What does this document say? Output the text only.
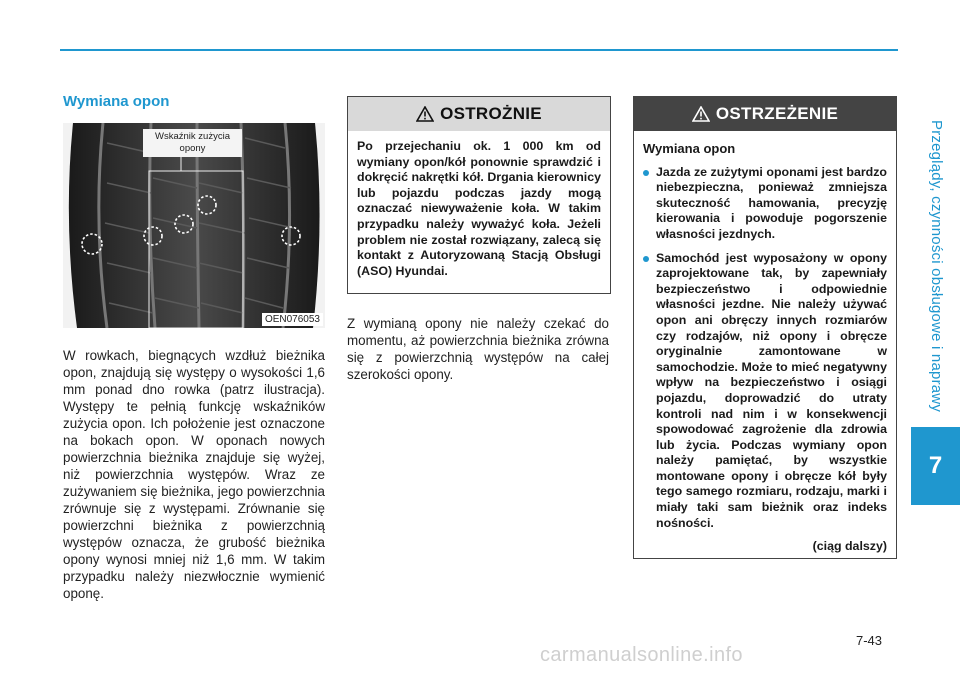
Przeglądy, czynności obsługowe i naprawy
7
Wymiana opon
Wskaźnik zużycia opony
OEN076053
W rowkach, biegnących wzdłuż bieżnika opon, znajdują się występy o wysokości 1,6 mm ponad dno rowka (patrz ilustracja). Występy te pełnią funkcję wskaźników zużycia opon. Ich położenie jest oznaczone na bokach opon. W oponach nowych powierzchnia bieżnika znajduje się wyżej, niż powierzchnia występów. Wraz ze zużywaniem się bieżnika, jego powierzchnia zrównuje się z występami. Zrównanie się powierzchni bieżnika z powierzchnią występów oznacza, że grubość bieżnika opony wynosi mniej niż 1,6 mm. W takim przypadku należy niezwłocznie wymienić oponę.
OSTROŻNIE
Po przejechaniu ok. 1 000 km od wymiany opon/kół ponownie sprawdzić i dokręcić nakrętki kół. Drgania kierownicy lub pojazdu podczas jazdy mogą oznaczać niewyważenie koła. W takim przypadku należy wyważyć koła. Jeżeli problem nie został rozwiązany, zalecą się kontakt z Autoryzowaną Stacją Obsługi (ASO) Hyundai.
Z wymianą opony nie należy czekać do momentu, aż powierzchnia bieżnika zrówna się z powierzchnią występów na całej szerokości opony.
OSTRZEŻENIE
Wymiana opon
Jazda ze zużytymi oponami jest bardzo niebezpieczna, ponieważ zmniejsza skuteczność hamowania, precyzję kierowania i powoduje pogorszenie własności jezdnych.
Samochód jest wyposażony w opony zaprojektowane tak, by zapewniały bezpieczeństwo i odpowiednie własności jezdne. Nie należy używać opon ani obręczy innych rozmiarów czy rodzajów, niż opony i obręcze oryginalnie zamontowane w samochodzie. Może to mieć negatywny wpływ na bezpieczeństwo i osiągi pojazdu, doprowadzić do utraty kontroli nad nim i w konsekwencji spowodować zagrożenie dla zdrowia lub życia. Podczas wymiany opon należy pamiętać, by wszystkie montowane opony i obręcze kół były tego samego rozmiaru, rodzaju, marki i miały taki sam bieżnik oraz indeks nośności.
(ciąg dalszy)
7-43
carmanualsonline.info
